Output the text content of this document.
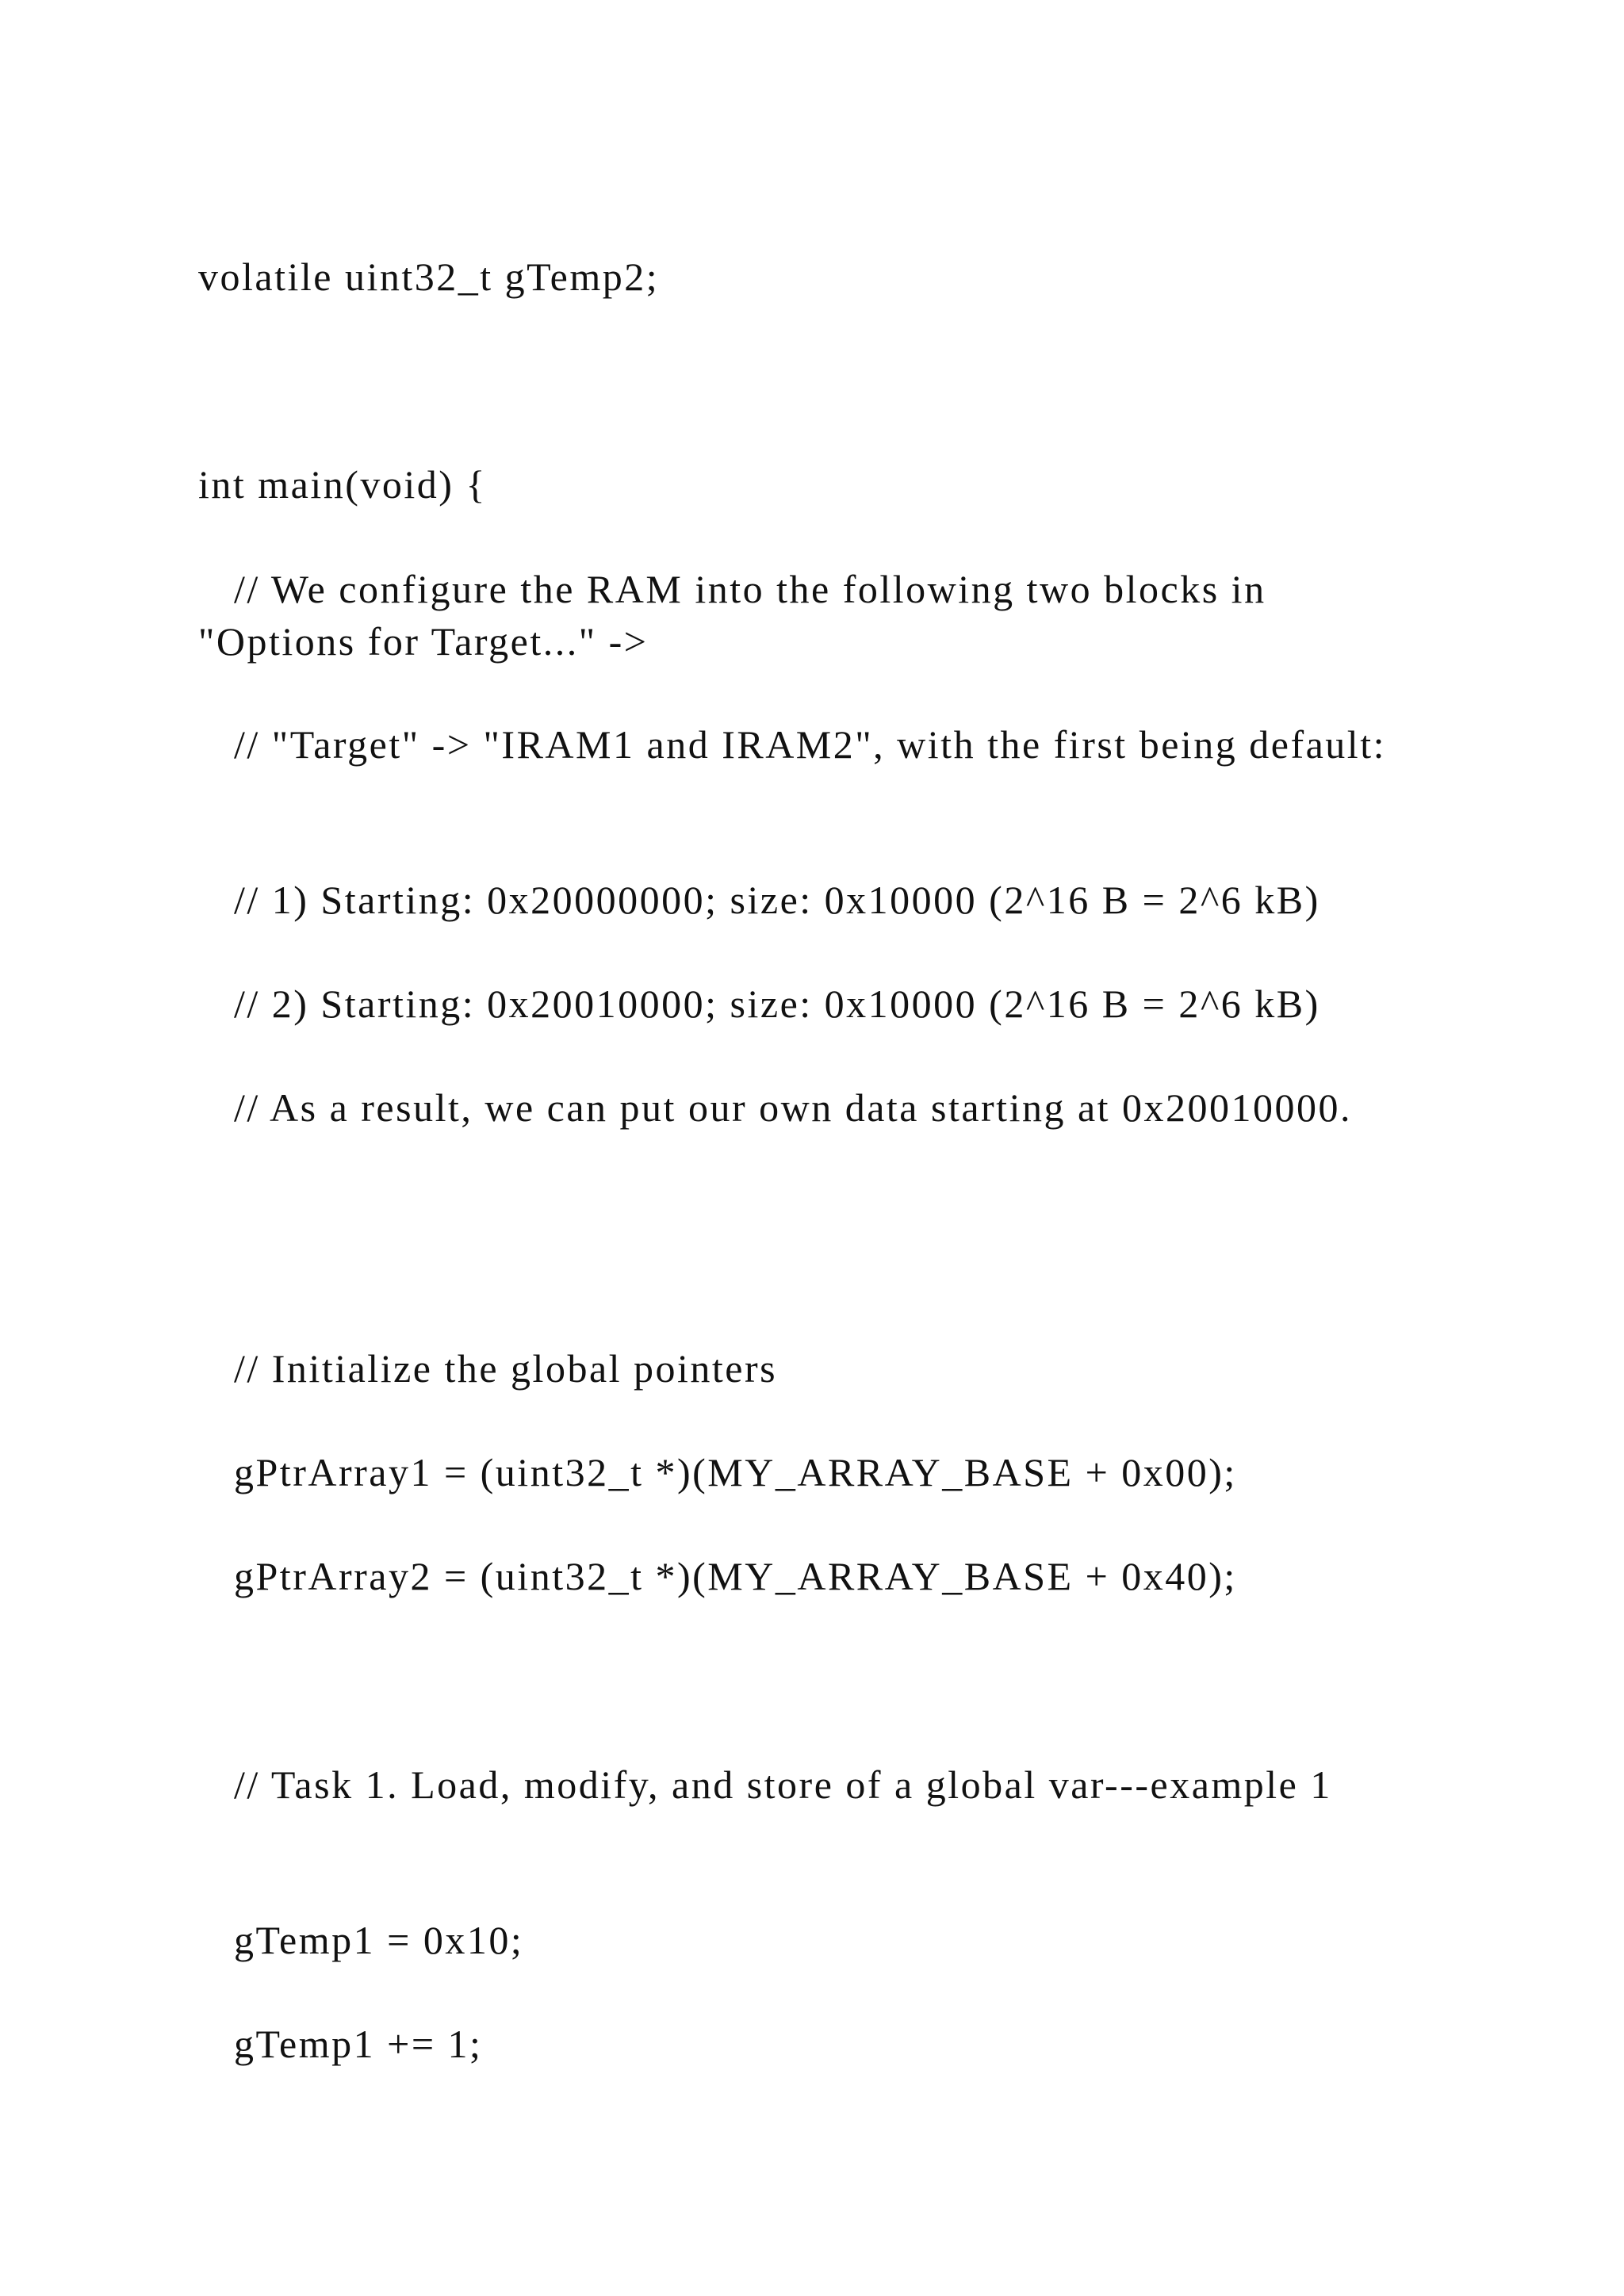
volatile uint32_t gTemp2;

int main(void) {

// We configure the RAM into the following two blocks in "Options for Target..." ->

// "Target" -> "IRAM1 and IRAM2", with the first being default:

// 1) Starting: 0x20000000; size: 0x10000 (2^16 B = 2^6 kB)

// 2) Starting: 0x20010000; size: 0x10000 (2^16 B = 2^6 kB)

// As a result, we can put our own data starting at 0x20010000.

// Initialize the global pointers

gPtrArray1 = (uint32_t *)(MY_ARRAY_BASE + 0x00);

gPtrArray2 = (uint32_t *)(MY_ARRAY_BASE + 0x40);

// Task 1. Load, modify, and store of a global var---example 1

gTemp1 = 0x10;

gTemp1 += 1;
